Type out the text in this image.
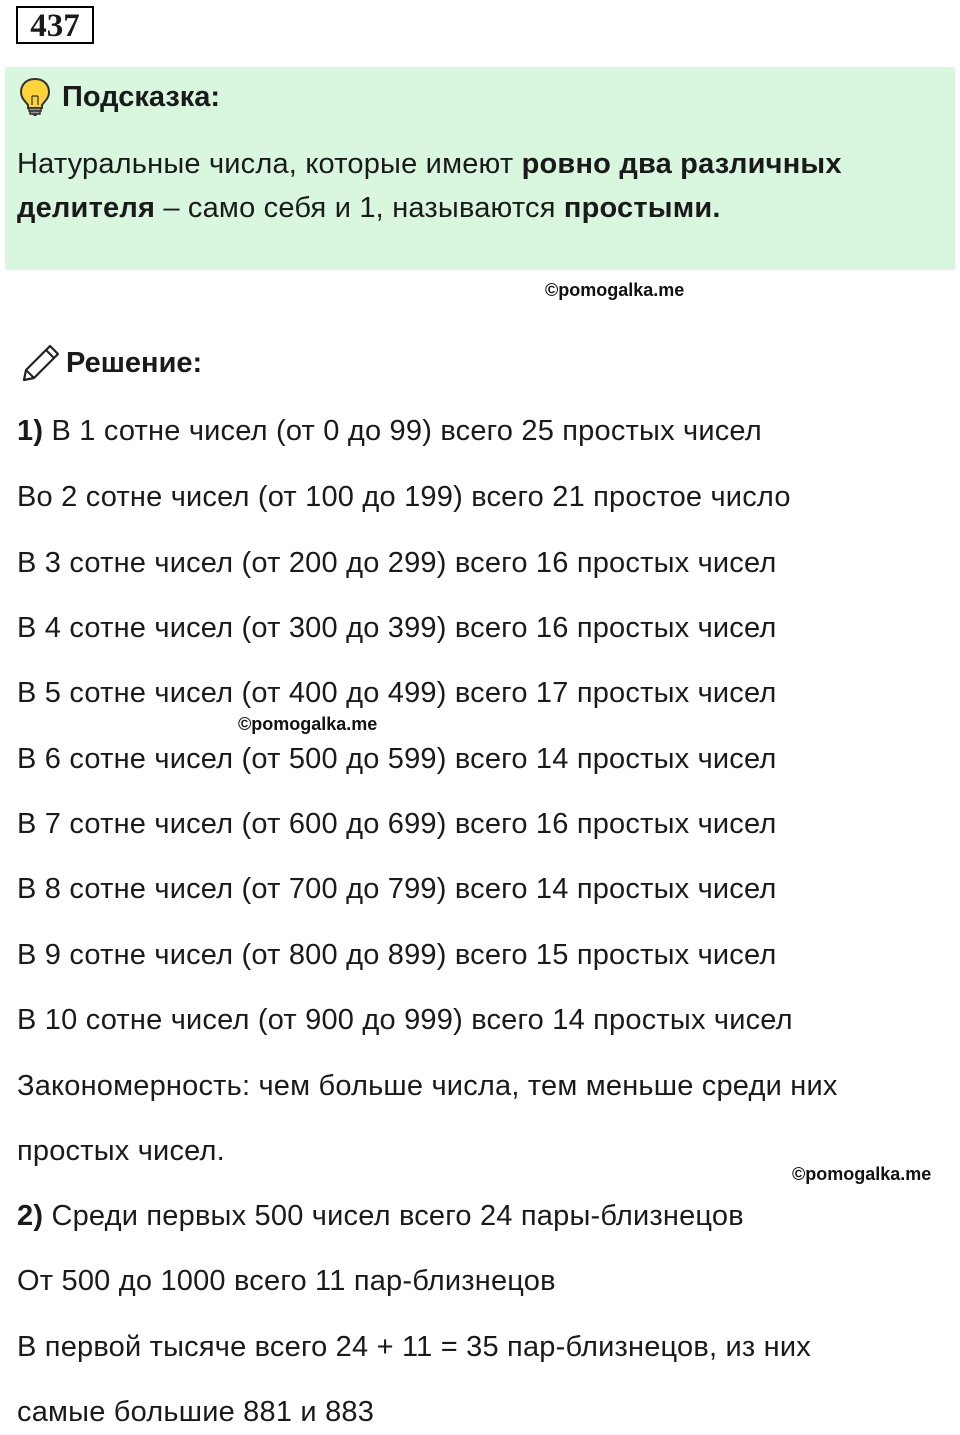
437
Подсказка:
Натуральные числа, которые имеют ровно два различных делителя – само себя и 1, называются простыми.
©pomogalka.me
Решение:
1) В 1 сотне чисел (от 0 до 99) всего 25 простых чисел
Во 2 сотне чисел (от 100 до 199) всего 21 простое число
В 3 сотне чисел (от 200 до 299) всего 16 простых чисел
В 4 сотне чисел (от 300 до 399) всего 16 простых чисел
В 5 сотне чисел (от 400 до 499) всего 17 простых чисел
©pomogalka.me
В 6 сотне чисел (от 500 до 599) всего 14 простых чисел
В 7 сотне чисел (от 600 до 699) всего 16 простых чисел
В 8 сотне чисел (от 700 до 799) всего 14 простых чисел
В 9 сотне чисел (от 800 до 899) всего 15 простых чисел
В 10 сотне чисел (от 900 до 999) всего 14 простых чисел
Закономерность: чем больше числа, тем меньше среди них
простых чисел.
©pomogalka.me
2) Среди первых 500 чисел всего 24 пары-близнецов
От 500 до 1000 всего 11 пар-близнецов
В первой тысяче всего 24 + 11 = 35 пар-близнецов, из них
самые большие 881 и 883
